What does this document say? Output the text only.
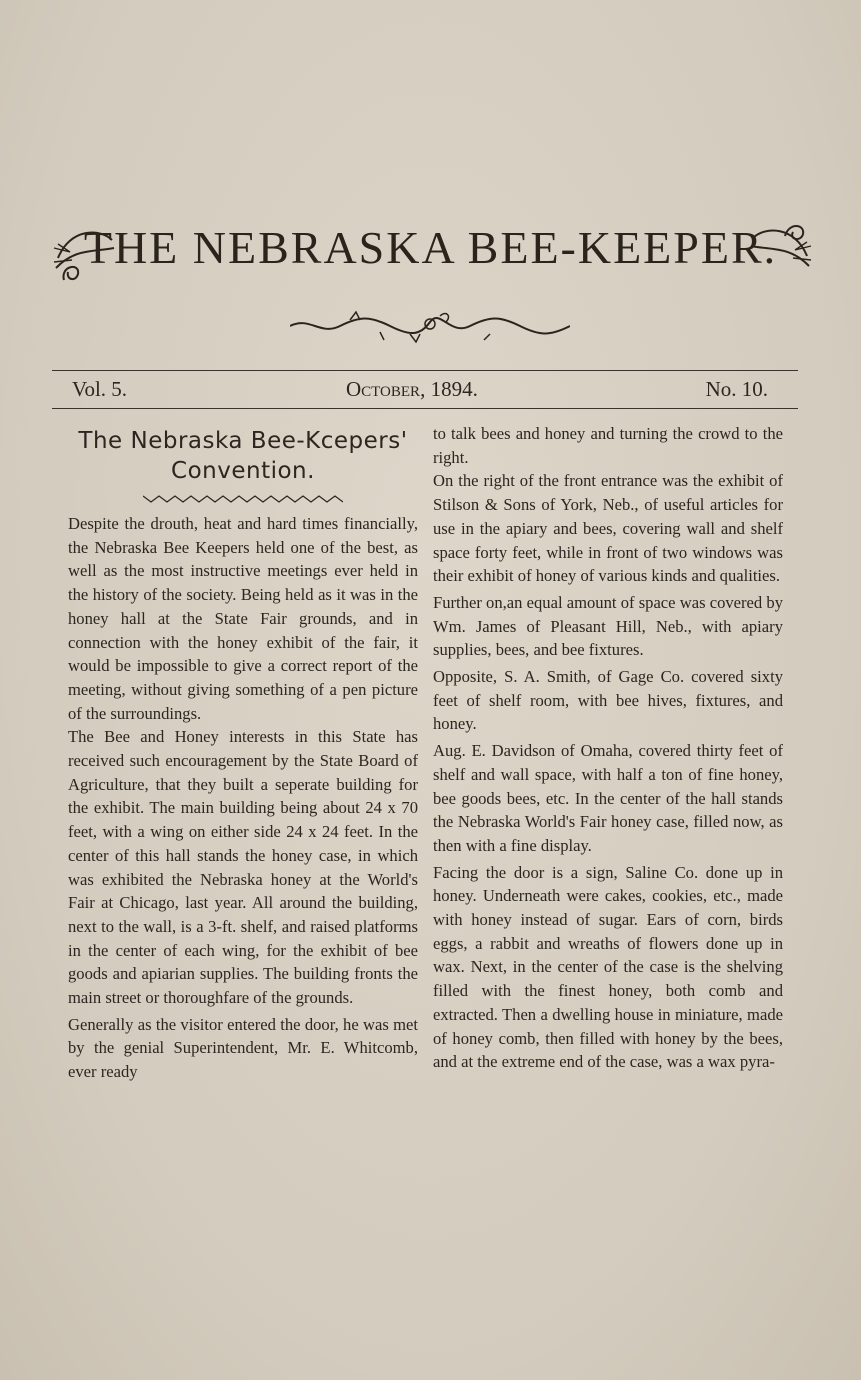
THE NEBRASKA BEE-KEEPER.
Vol. 5.	October, 1894.	No. 10.
The Nebraska Bee-Kcepers' Convention.

Despite the drouth, heat and hard times financially, the Nebraska Bee Keepers held one of the best, as well as the most instructive meetings ever held in the history of the society. Being held as it was in the honey hall at the State Fair grounds, and in connection with the honey exhibit of the fair, it would be impossible to give a correct report of the meeting, without giving something of a pen picture of the surroundings.

The Bee and Honey interests in this State has received such encouragement by the State Board of Agriculture, that they built a seperate building for the exhibit. The main building being about 24 x 70 feet, with a wing on either side 24 x 24 feet. In the center of this hall stands the honey case, in which was exhibited the Nebraska honey at the World's Fair at Chicago, last year. All around the building, next to the wall, is a 3-ft. shelf, and raised platforms in the center of each wing, for the exhibit of bee goods and apiarian supplies. The building fronts the main street or thoroughfare of the grounds.

Generally as the visitor entered the door, he was met by the genial Superintendent, Mr. E. Whitcomb, ever ready

to talk bees and honey and turning the crowd to the right.

On the right of the front entrance was the exhibit of Stilson & Sons of York, Neb., of useful articles for use in the apiary and bees, covering wall and shelf space forty feet, while in front of two windows was their exhibit of honey of various kinds and qualities.

Further on,an equal amount of space was covered by Wm. James of Pleasant Hill, Neb., with apiary supplies, bees, and bee fixtures.

Opposite, S. A. Smith, of Gage Co. covered sixty feet of shelf room, with bee hives, fixtures, and honey.

Aug. E. Davidson of Omaha, covered thirty feet of shelf and wall space, with half a ton of fine honey, bee goods bees, etc. In the center of the hall stands the Nebraska World's Fair honey case, filled now, as then with a fine display.

Facing the door is a sign, Saline Co. done up in honey. Underneath were cakes, cookies, etc., made with honey instead of sugar. Ears of corn, birds eggs, a rabbit and wreaths of flowers done up in wax. Next, in the center of the case is the shelving filled with the finest honey, both comb and extracted. Then a dwelling house in miniature, made of honey comb, then filled with honey by the bees, and at the extreme end of the case, was a wax pyra-
